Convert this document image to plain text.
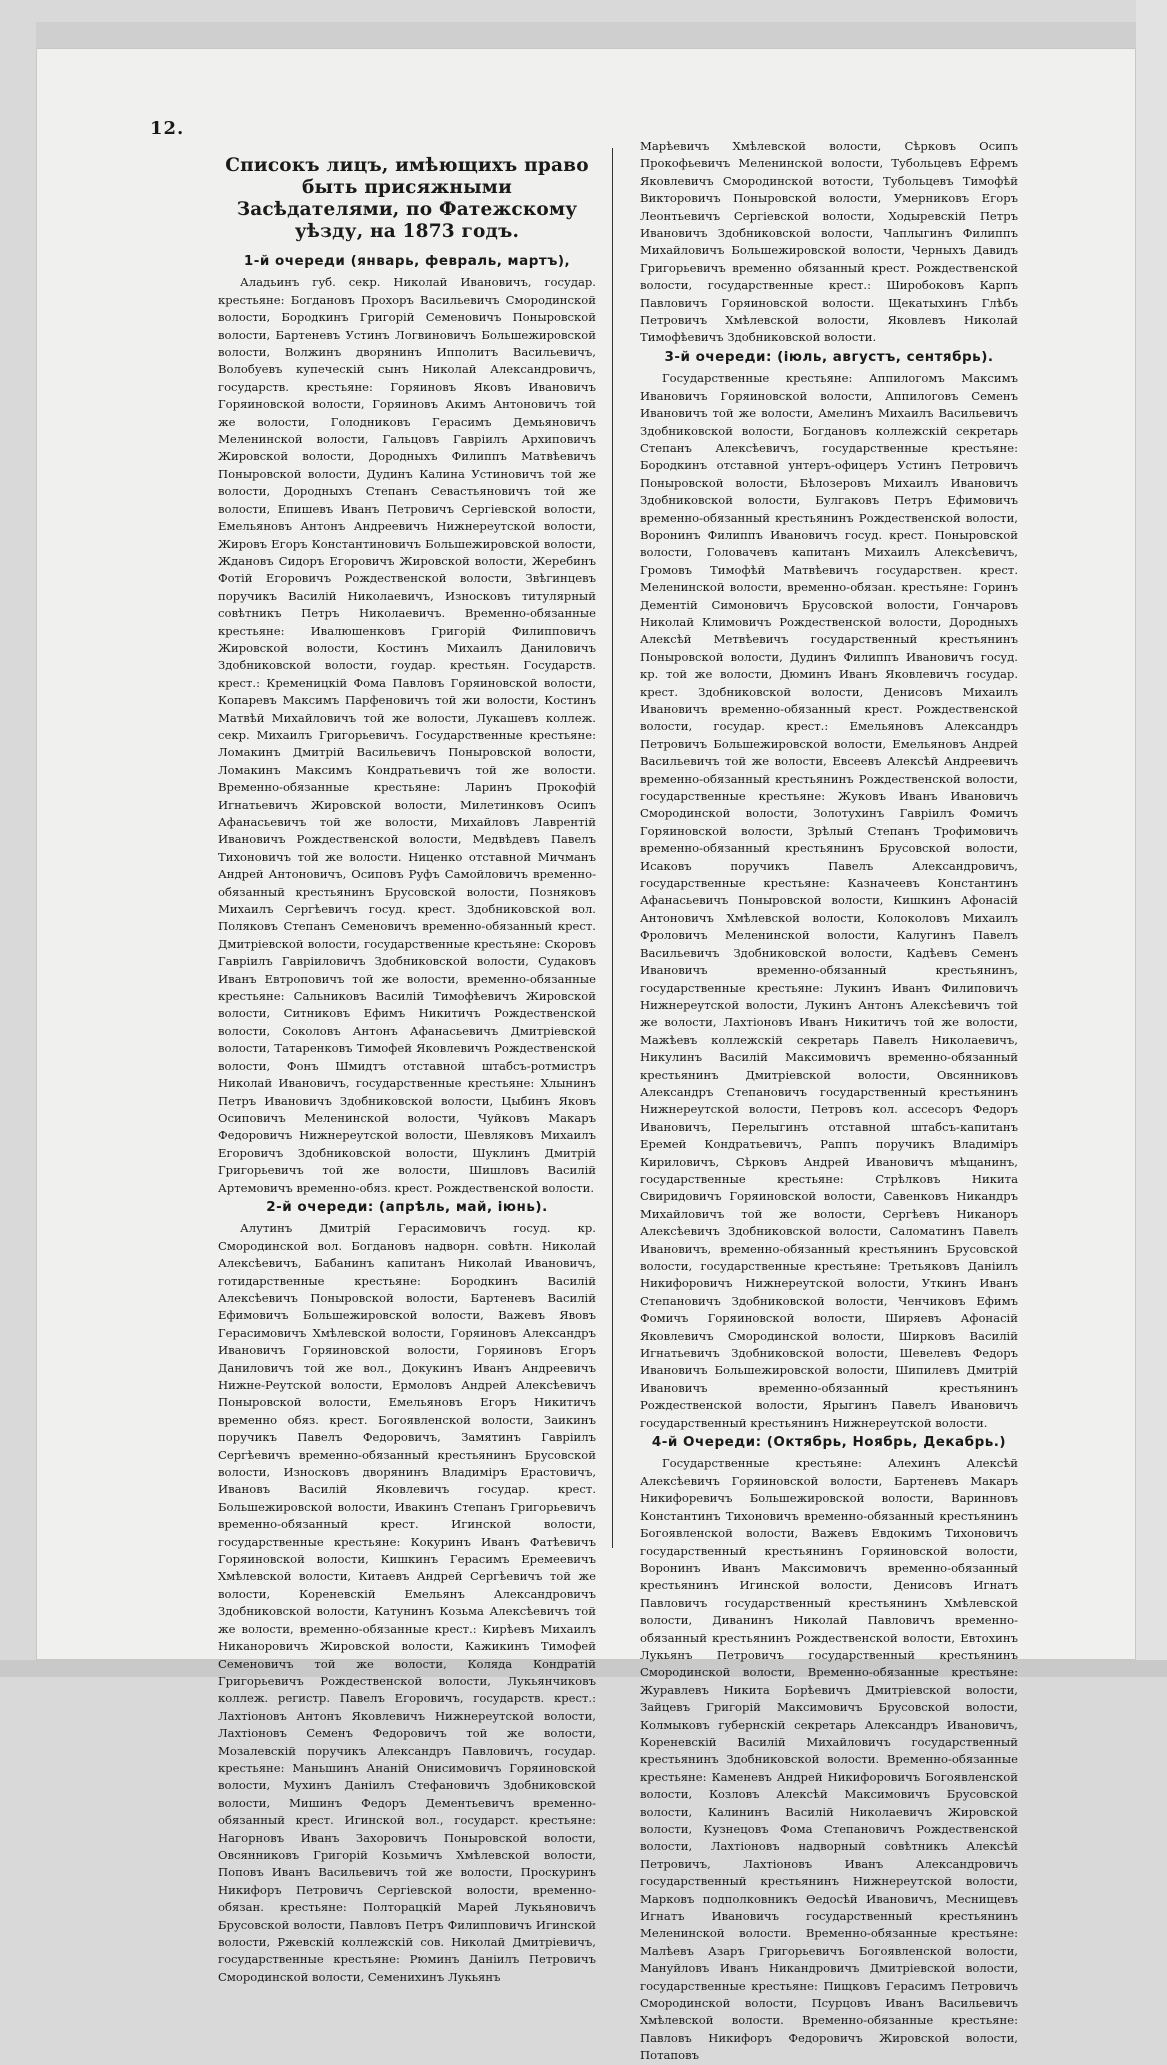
12.
Списокъ лицъ, имѣющихъ право быть присяжными Засѣдателями, по Фатежскому уѣзду, на 1873 годъ.
1-й очереди (январь, февраль, мартъ),

Аладьинъ губ. секр. Николай Ивановичъ, государ. крестьяне: Богдановъ Прохоръ Васильевичъ Смородинской волости, Бородкинъ Григорій Семеновичъ Поныровской волости, Бартеневъ Устинъ Логвиновичъ Большежировской волости, Волжинъ дворянинъ Ипполитъ Васильевичъ, Волобуевъ купеческій сынъ Николай Александровичъ, государств. крестьяне: Горяиновъ Яковъ Ивановичъ Горяиновской волости, Горяиновъ Акимъ Антоновичъ той же волости, Голодниковъ Герасимъ Демьяновичъ Меленинской волости, Гальцовъ Гавріилъ Архиповичъ Жировской волости, Дородныхъ Филиппъ Матвѣевичъ Поныровской волости, Дудинъ Калина Устиновичъ той же волости, Дородныхъ Степанъ Севастьяновичъ той же волости, Епишевъ Иванъ Петровичъ Сергіевской волости, Емельяновъ Антонъ Андреевичъ Нижнереутской волости, Жировъ Егоръ Константиновичъ Большежировской волости, Ждановъ Сидоръ Егоровичъ Жировской волости, Жеребинъ Фотій Егоровичъ Рождественской волости, Звѣгинцевъ поручикъ Василій Николаевичъ, Износковъ титулярный совѣтникъ Петръ Николаевичъ. Временно-обязанные крестьяне: Ивалюшенковъ Григорій Филипповичъ Жировской волости, Костинъ Михаилъ Даниловичъ Здобниковской волости, гоудар. крестьян. Государств. крест.: Кременицкій Фома Павловъ Горяиновской волости, Копаревъ Максимъ Парфеновичъ той жи волости, Костинъ Матвѣй Михайловичъ той же волости, Лукашевъ коллеж. секр. Михаилъ Григорьевичъ. Государственные крестьяне: Ломакинъ Дмитрій Васильевичъ Поныровской волости, Ломакинъ Максимъ Кондратьевичъ той же волости. Временно-обязанные крестьяне: Ларинъ Прокофій Игнатьевичъ Жировской волости, Милетинковъ Осипъ Афанасьевичъ той же волости, Михайловъ Лаврентій Ивановичъ Рождественской волости, Медвѣдевъ Павелъ Тихоновичъ той же волости. Ниценко отставной Мичманъ Андрей Антоновичъ, Осиповъ Руфъ Самойловичъ временно-обязанный крестьянинъ Брусовской волости, Позняковъ Михаилъ Сергѣевичъ госуд. крест. Здобниковской вол. Поляковъ Степанъ Семеновичъ временно-обязанный крест. Дмитріевской волости, государственные крестьяне: Скоровъ Гавріилъ Гавріиловичъ Здобниковской волости, Судаковъ Иванъ Евтроповичъ той же волости, временно-обязанные крестьяне: Сальниковъ Василій Тимофѣевичъ Жировской волости, Ситниковъ Ефимъ Никитичъ Рождественской волости, Соколовъ Антонъ Афанасьевичъ Дмитріевской волости, Татаренковъ Тимофей Яковлевичъ Рождественской волости, Фонъ Шмидтъ отставной штабсъ-ротмистръ Николай Ивановичъ, государственные крестьяне: Хлынинъ Петръ Ивановичъ Здобниковской волости, Цыбинъ Яковъ Осиповичъ Меленинской волости, Чуйковъ Макаръ Федоровичъ Нижнереутской волости, Шевляковъ Михаилъ Егоровичъ Здобниковской волости, Шуклинъ Дмитрій Григорьевичъ той же волости, Шишловъ Василій Артемовичъ временно-обяз. крест. Рождественской волости.

2-й очереди: (апрѣль, май, іюнь).

Алутинъ Дмитрій Герасимовичъ госуд. кр. Смородинской вол. Богдановъ надворн. совѣтн. Николай Алексѣевичъ, Бабанинъ капитанъ Николай Ивановичъ, готидарственные крестьяне: Бородкинъ Василій Алексѣевичъ Поныровской волости, Бартеневъ Василій Ефимовичъ Большежировской волости, Важевъ Явовъ Герасимовичъ Хмѣлевской волости, Горяиновъ Александръ Ивановичъ Горяиновской волости, Горяиновъ Егоръ Даниловичъ той же вол., Докукинъ Иванъ Андреевичъ Нижне-Реутской волости, Ермоловъ Андрей Алексѣевичъ Поныровской волости, Емельяновъ Егоръ Никитичъ временно обяз. крест. Богоявленской волости, Заикинъ поручикъ Павелъ Федоровичъ, Замятинъ Гавріилъ Сергѣевичъ временно-обязанный крестьянинъ Брусовской волости, Износковъ дворянинъ Владиміръ Ерастовичъ, Ивановъ Василій Яковлевичъ государ. крест. Большежировской волости, Ивакинъ Степанъ Григорьевичъ временно-обязанный крест. Игинской волости, государственные крестьяне: Кокуринъ Иванъ Фатѣевичъ Горяиновской волости, Кишкинъ Герасимъ Еремеевичъ Хмѣлевской волости, Китаевъ Андрей Сергѣевичъ той же волости, Кореневскій Емельянъ Александровичъ Здобниковской волости, Катунинъ Козьма Алексѣевичъ той же волости, временно-обязанные крест.: Кирѣевъ Михаилъ Никаноровичъ Жировской волости, Кажикинъ Тимофей Семеновичъ той же волости, Коляда Кондратій Григорьевичъ Рождественской волости, Лукьянчиковъ коллеж. регистр. Павелъ Егоровичъ, государств. крест.: Лахтіоновъ Антонъ Яковлевичъ Нижнереутской волости, Лахтіоновъ Семенъ Федоровичъ той же волости, Мозалевскій поручикъ Александръ Павловичъ, государ. крестьяне: Маньшинъ Ананій Онисимовичъ Горяиновской волости, Мухинъ Даніилъ Стефановичъ Здобниковской волости, Мишинъ Федоръ Дементьевичъ временно-обязанный крест. Игинской вол., государст. крестьяне: Нагорновъ Иванъ Захоровичъ Поныровской волости, Овсянниковъ Григорій Козьмичъ Хмѣлевской волости, Поповъ Иванъ Васильевичъ той же волости, Проскуринъ Никифоръ Петровичъ Сергіевской волости, временно-обязан. крестьяне: Полторацкій Марей Лукьяновичъ Брусовской волости, Павловъ Петръ Филипповичъ Игинской волости, Ржевскій коллежскій сов. Николай Дмитріевичъ, государственные крестьяне: Рюминъ Даніилъ Петровичъ Смородинской волости, Семенихинъ Лукьянъ

Марѣевичъ Хмѣлевской волости, Сѣрковъ Осипъ Прокофьевичъ Меленинской волости, Тубольцевъ Ефремъ Яковлевичъ Смородинской вотости, Тубольцевъ Тимофѣй Викторовичъ Поныровской волости, Умерниковъ Егоръ Леонтьевичъ Сергіевской волости, Ходыревскій Петръ Ивановичъ Здобниковской волости, Чаплыгинъ Филиппъ Михайловичъ Большежировской волости, Черныхъ Давидъ Григорьевичъ временно обязанный крест. Рождественской волости, государственные крест.: Широбоковъ Карпъ Павловичъ Горяиновской волости. Щекатыхинъ Глѣбъ Петровичъ Хмѣлевской волости, Яковлевъ Николай Тимофѣевичъ Здобниковской волости.

3-й очереди: (іюль, августъ, сентябрь).

Государственные крестьяне: Аппилогомъ Максимъ Ивановичъ Горяиновской волости, Аппилоговъ Семенъ Ивановичъ той же волости, Амелинъ Михаилъ Васильевичъ Здобниковской волости, Богдановъ коллежскій секретарь Степанъ Алексѣевичъ, государственные крестьяне: Бородкинъ отставной унтеръ-офицеръ Устинъ Петровичъ Поныровской волости, Бѣлозеровъ Михаилъ Ивановичъ Здобниковской волости, Булгаковъ Петръ Ефимовичъ временно-обязанный крестьянинъ Рождественской волости, Воронинъ Филиппъ Ивановичъ госуд. крест. Поныровской волости, Головачевъ капитанъ Михаилъ Алексѣевичъ, Громовъ Тимофѣй Матвѣевичъ государствен. крест. Меленинской волости, временно-обязан. крестьяне: Горинъ Дементій Симоновичъ Брусовской волости, Гончаровъ Николай Климовичъ Рождественской волости, Дородныхъ Алексѣй Метвѣевичъ государственный крестьянинъ Поныровской волости, Дудинъ Филиппъ Ивановичъ госуд. кр. той же волости, Дюминъ Иванъ Яковлевичъ государ. крест. Здобниковской волости, Денисовъ Михаилъ Ивановичъ временно-обязанный крест. Рождественской волости, государ. крест.: Емельяновъ Александръ Петровичъ Большежировской волости, Емельяновъ Андрей Васильевичъ той же волости, Евсеевъ Алексѣй Андреевичъ временно-обязанный крестьянинъ Рождественской волости, государственные крестьяне: Жуковъ Иванъ Ивановичъ Смородинской волости, Золотухинъ Гавріилъ Фомичъ Горяиновской волости, Зрѣлый Степанъ Трофимовичъ временно-обязанный крестьянинъ Брусовской волости, Исаковъ поручикъ Павелъ Александровичъ, государственные крестьяне: Казначеевъ Константинъ Афанасьевичъ Поныровской волости, Кишкинъ Афонасій Антоновичъ Хмѣлевской волости, Колоколовъ Михаилъ Фроловичъ Меленинской волости, Калугинъ Павелъ Васильевичъ Здобниковской волости, Кадѣевъ Семенъ Ивановичъ временно-обязанный крестьянинъ, государственные крестьяне: Лукинъ Иванъ Филиповичъ Нижнереутской волости, Лукинъ Антонъ Алексѣевичъ той же волости, Лахтіоновъ Иванъ Никитичъ той же волости, Мажѣевъ коллежскій секретарь Павелъ Николаевичъ, Никулинъ Василій Максимовичъ временно-обязанный крестьянинъ Дмитріевской волости, Овсянниковъ Александръ Степановичъ государственный крестьянинъ Нижнереутской волости, Петровъ кол. ассесоръ Федоръ Ивановичъ, Перелыгинъ отставной штабсъ-капитанъ Еремей Кондратьевичъ, Раппъ поручикъ Владиміръ Кириловичъ, Сѣрковъ Андрей Ивановичъ мѣщанинъ, государственные крестьяне: Стрѣлковъ Никита Свиридовичъ Горяиновской волости, Савенковъ Никандръ Михайловичъ той же волости, Сергѣевъ Никаноръ Алексѣевичъ Здобниковской волости, Саломатинъ Павелъ Ивановичъ, временно-обязанный крестьянинъ Брусовской волости, государственные крестьяне: Третьяковъ Даніилъ Никифоровичъ Нижнереутской волости, Уткинъ Иванъ Степановичъ Здобниковской волости, Ченчиковъ Ефимъ Фомичъ Горяиновской волости, Ширяевъ Афонасій Яковлевичъ Смородинской волости, Ширковъ Василій Игнатьевичъ Здобниковской волости, Шевелевъ Федоръ Ивановичъ Большежировской волости, Шипилевъ Дмитрій Ивановичъ временно-обязанный крестьянинъ Рождественской волости, Ярыгинъ Павелъ Ивановичъ государственный крестьянинъ Нижнереутской волости.

4-й Очереди: (Октябрь, Ноябрь, Декабрь.)

Государственные крестьяне: Алехинъ Алексѣй Алексѣевичъ Горяиновской волости, Бартеневъ Макаръ Никифоревичъ Большежировской волости, Варинновъ Константинъ Тихоновичъ временно-обязанный крестьянинъ Богоявленской волости, Важевъ Евдокимъ Тихоновичъ государственный крестьянинъ Горяиновской волости, Воронинъ Иванъ Максимовичъ временно-обязанный крестьянинъ Игинской волости, Денисовъ Игнатъ Павловичъ государственный крестьянинъ Хмѣлевской волости, Диванинъ Николай Павловичъ временно-обязанный крестьянинъ Рождественской волости, Евтохинъ Лукьянъ Петровичъ государственный крестьянинъ Смородинской волости, Временно-обязанные крестьяне: Журавлевъ Никита Борѣевичъ Дмитріевской волости, Зайцевъ Григорій Максимовичъ Брусовской волости, Колмыковъ губернскій секретарь Александръ Ивановичъ, Кореневскій Василій Михайловичъ государственный крестьянинъ Здобниковской волости. Временно-обязанные крестьяне: Каменевъ Андрей Никифоровичъ Богоявленской волости, Козловъ Алексѣй Максимовичъ Брусовской волости, Калининъ Василій Николаевичъ Жировской волости, Кузнецовъ Фома Степановичъ Рождественской волости, Лахтіоновъ надворный совѣтникъ Алексѣй Петровичъ, Лахтіоновъ Иванъ Александровичъ государственный крестьянинъ Нижнереутской волости, Марковъ подполковникъ Ѳедосѣй Ивановичъ, Меснищевъ Игнатъ Ивановичъ государственный крестьянинъ Меленинской волости. Временно-обязанные крестьяне: Малѣевъ Азаръ Григорьевичъ Богоявленской волости, Мануйловъ Иванъ Никандровичъ Дмитріевской волости, государственные крестьяне: Пищковъ Герасимъ Петровичъ Смородинской волости, Псурцовъ Иванъ Васильевичъ Хмѣлевской волости. Временно-обязанные крестьяне: Павловъ Никифоръ Федоровичъ Жировской волости, Потаповъ
